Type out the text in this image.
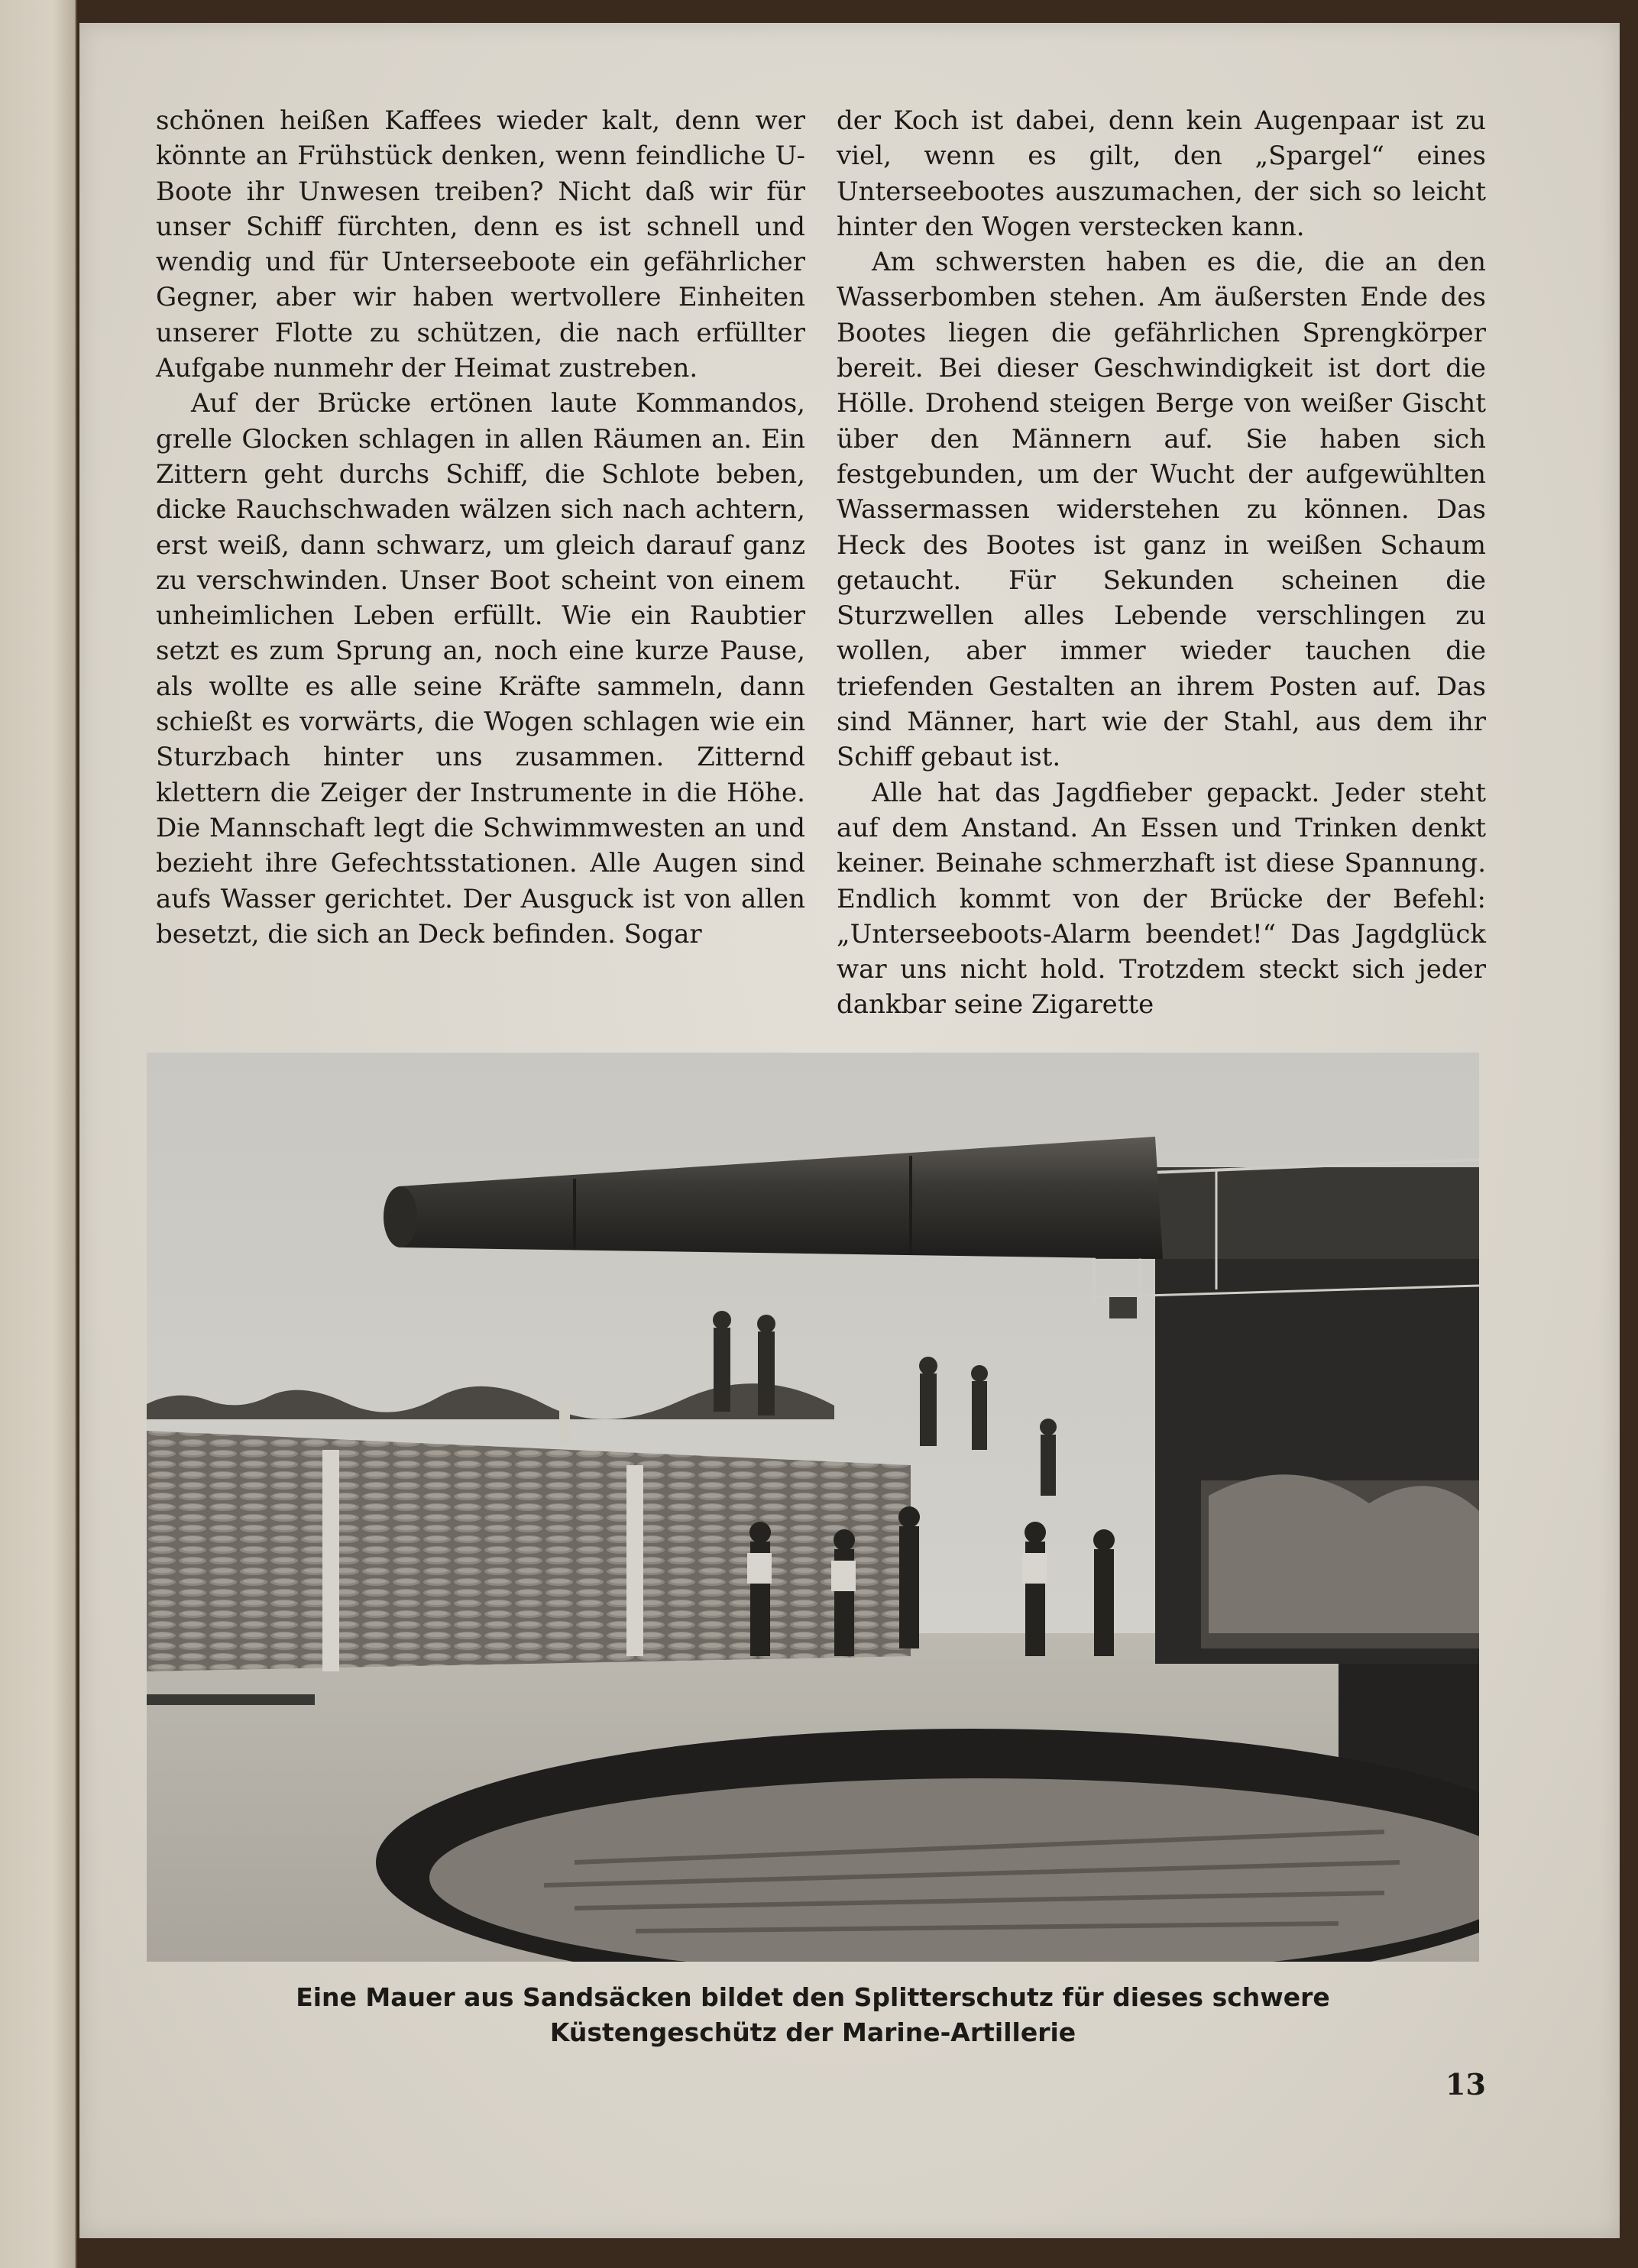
schönen heißen Kaffees wieder kalt, denn wer könnte an Frühstück denken, wenn feindliche U-Boote ihr Unwesen treiben? Nicht daß wir für unser Schiff fürchten, denn es ist schnell und wendig und für Unterseeboote ein gefährlicher Gegner, aber wir haben wertvollere Einheiten unserer Flotte zu schützen, die nach erfüllter Aufgabe nunmehr der Heimat zustreben.

Auf der Brücke ertönen laute Kommandos, grelle Glocken schlagen in allen Räumen an. Ein Zittern geht durchs Schiff, die Schlote beben, dicke Rauchschwaden wälzen sich nach achtern, erst weiß, dann schwarz, um gleich darauf ganz zu verschwinden. Unser Boot scheint von einem unheimlichen Leben erfüllt. Wie ein Raubtier setzt es zum Sprung an, noch eine kurze Pause, als wollte es alle seine Kräfte sammeln, dann schießt es vorwärts, die Wogen schlagen wie ein Sturzbach hinter uns zusammen. Zitternd klettern die Zeiger der Instrumente in die Höhe. Die Mannschaft legt die Schwimmwesten an und bezieht ihre Gefechtsstationen. Alle Augen sind aufs Wasser gerichtet. Der Ausguck ist von allen besetzt, die sich an Deck befinden. Sogar

der Koch ist dabei, denn kein Augenpaar ist zu viel, wenn es gilt, den „Spargel“ eines Unterseebootes auszumachen, der sich so leicht hinter den Wogen verstecken kann.

Am schwersten haben es die, die an den Wasserbomben stehen. Am äußersten Ende des Bootes liegen die gefährlichen Sprengkörper bereit. Bei dieser Geschwindigkeit ist dort die Hölle. Drohend steigen Berge von weißer Gischt über den Männern auf. Sie haben sich festgebunden, um der Wucht der aufgewühlten Wassermassen widerstehen zu können. Das Heck des Bootes ist ganz in weißen Schaum getaucht. Für Sekunden scheinen die Sturzwellen alles Lebende verschlingen zu wollen, aber immer wieder tauchen die triefenden Gestalten an ihrem Posten auf. Das sind Männer, hart wie der Stahl, aus dem ihr Schiff gebaut ist.

Alle hat das Jagdfieber gepackt. Jeder steht auf dem Anstand. An Essen und Trinken denkt keiner. Beinahe schmerzhaft ist diese Spannung. Endlich kommt von der Brücke der Befehl: „Unterseeboots-Alarm beendet!“ Das Jagdglück war uns nicht hold. Trotzdem steckt sich jeder dankbar seine Zigarette

Eine Mauer aus Sandsäcken bildet den Splitterschutz für dieses schwere
Küstengeschütz der Marine-Artillerie
13
